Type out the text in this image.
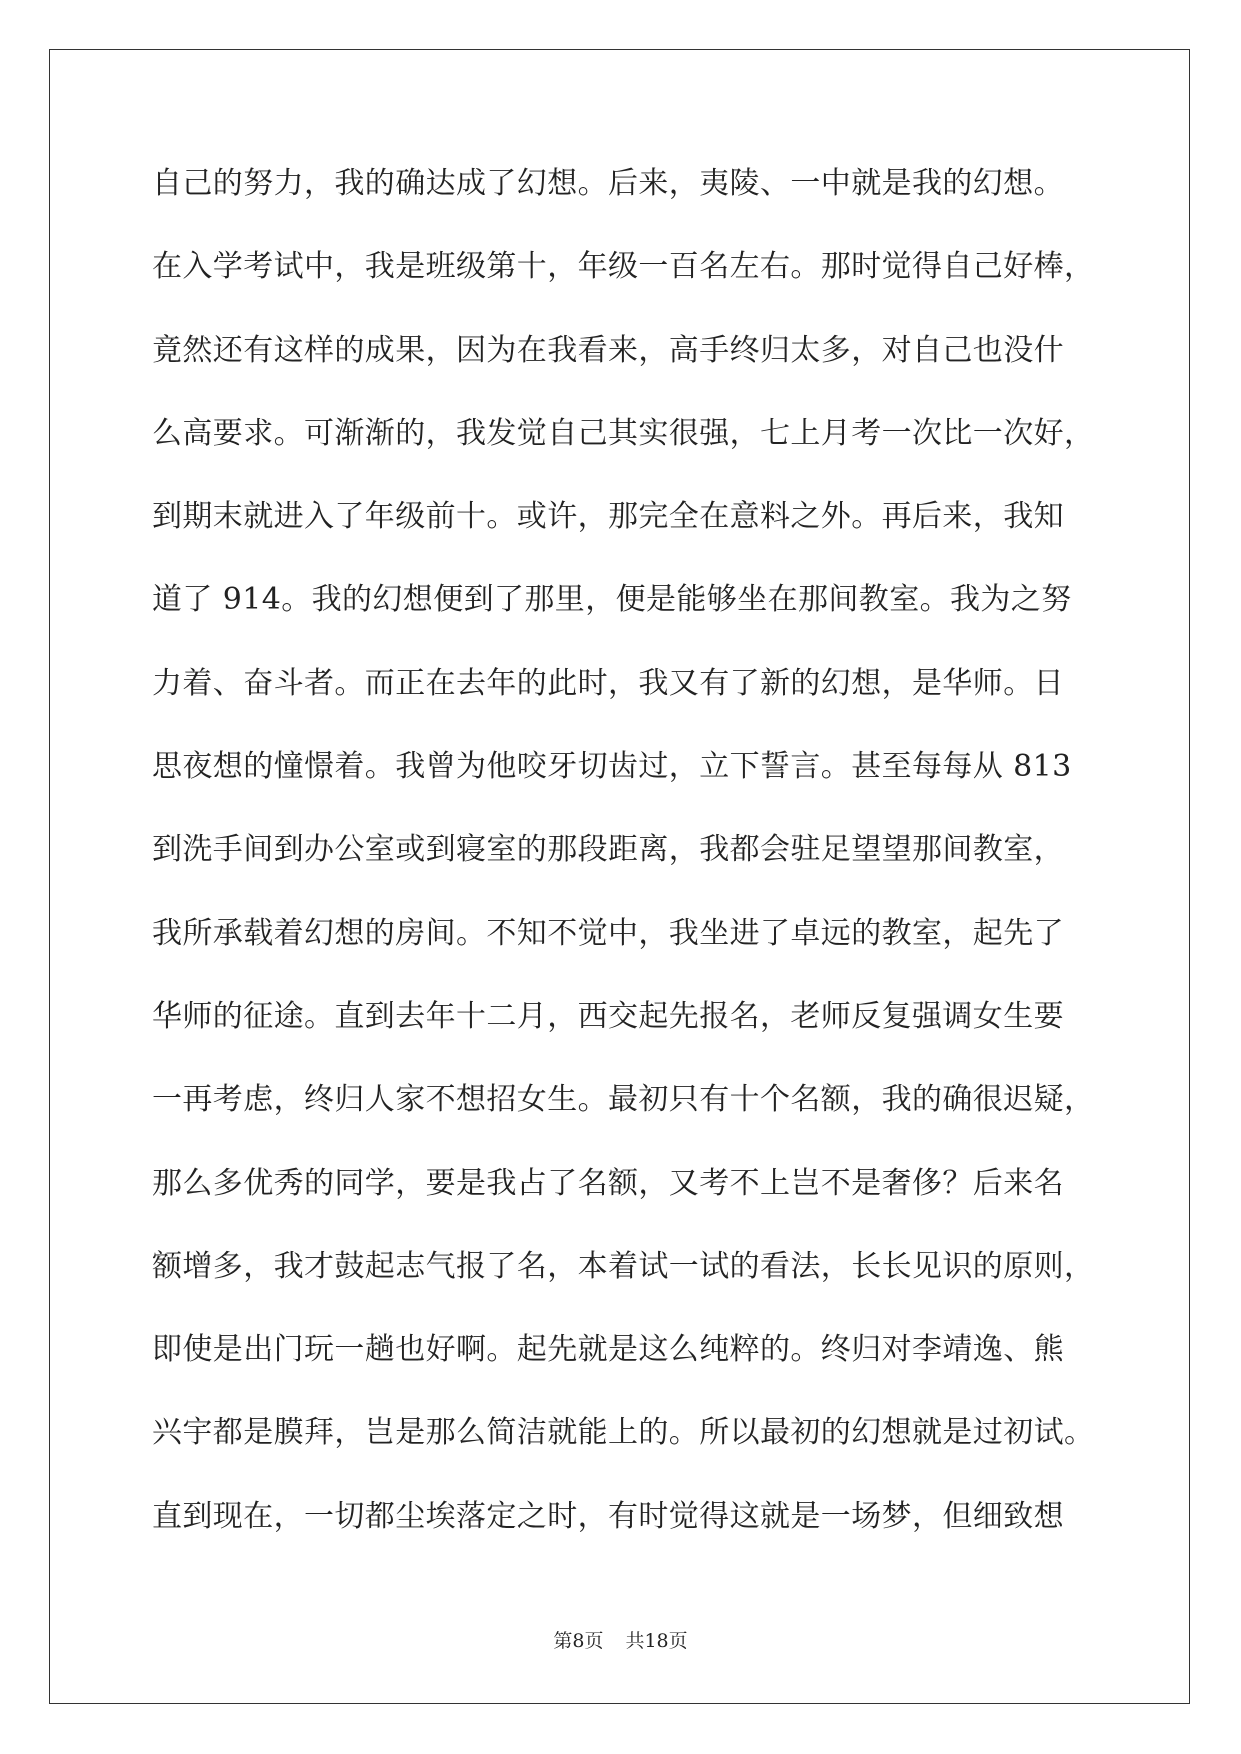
自己的努力，我的确达成了幻想。后来，夷陵、一中就是我的幻想。
在入学考试中，我是班级第十，年级一百名左右。那时觉得自己好棒，
竟然还有这样的成果，因为在我看来，高手终归太多，对自己也没什
么高要求。可渐渐的，我发觉自己其实很强，七上月考一次比一次好，
到期末就进入了年级前十。或许，那完全在意料之外。再后来，我知
道了 914。我的幻想便到了那里，便是能够坐在那间教室。我为之努
力着、奋斗者。而正在去年的此时，我又有了新的幻想，是华师。日
思夜想的憧憬着。我曾为他咬牙切齿过，立下誓言。甚至每每从 813
到洗手间到办公室或到寝室的那段距离，我都会驻足望望那间教室，
我所承载着幻想的房间。不知不觉中，我坐进了卓远的教室，起先了
华师的征途。直到去年十二月，西交起先报名，老师反复强调女生要
一再考虑，终归人家不想招女生。最初只有十个名额，我的确很迟疑，
那么多优秀的同学，要是我占了名额，又考不上岂不是奢侈？后来名
额增多，我才鼓起志气报了名，本着试一试的看法，长长见识的原则，
即使是出门玩一趟也好啊。起先就是这么纯粹的。终归对李靖逸、熊
兴宇都是膜拜，岂是那么简洁就能上的。所以最初的幻想就是过初试。
直到现在，一切都尘埃落定之时，有时觉得这就是一场梦，但细致想
第8页 共18页
